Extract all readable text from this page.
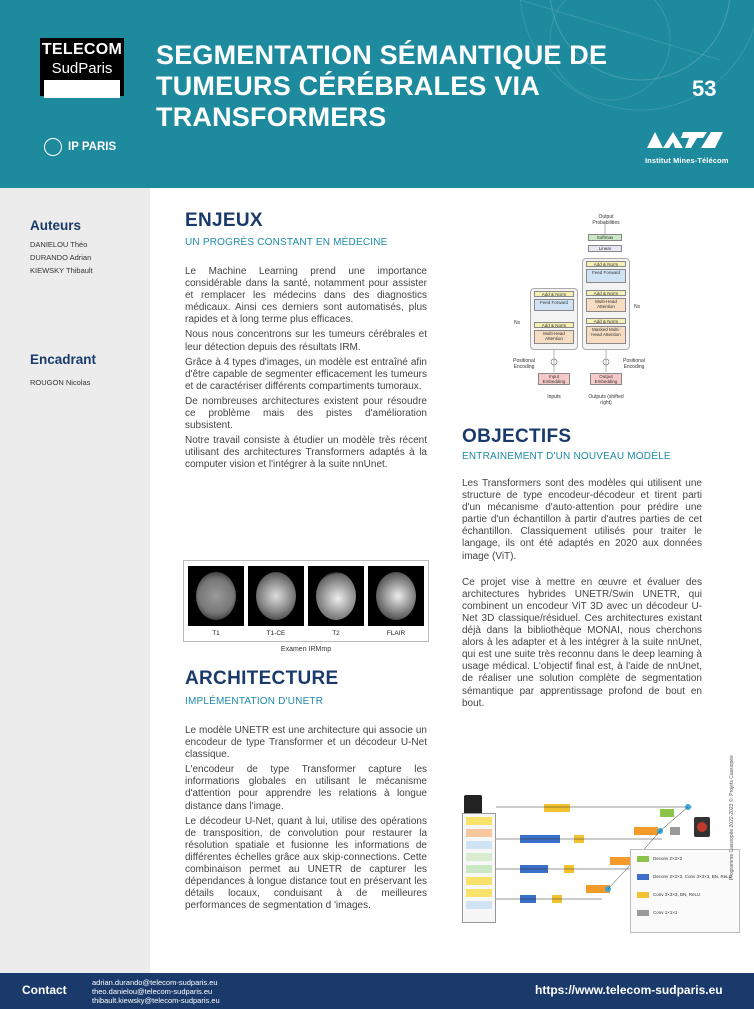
TELECOM
SudParis
IP PARIS
SEGMENTATION SÉMANTIQUE DE TUMEURS CÉRÉBRALES VIA TRANSFORMERS
53
Institut Mines-Télécom
Auteurs
DANIELOU Théo
DURANDO Adrian
KIEWSKY Thibault
Encadrant
ROUGON Nicolas
ENJEUX
UN PROGRÈS CONSTANT EN MÉDECINE

Le Machine Learning prend une importance considérable dans la santé, notamment pour assister et remplacer les médecins dans des diagnostics médicaux. Ainsi ces derniers sont automatisés, plus rapides et à long terme plus efficaces.

Nous nous concentrons sur les tumeurs cérébrales et leur détection depuis des résultats IRM.

Grâce à 4 types d'images, un modèle est entraîné afin d'être capable de segmenter efficacement les tumeurs et de caractériser différents compartiments tumoraux.

De nombreuses architectures existent pour résoudre ce problème mais des pistes d'amélioration subsistent.

Notre travail consiste à étudier un modèle très récent utilisant des architectures Transformers adaptés à la computer vision et l'intégrer à la suite nnUnet.

T1	T1-CE	T2	FLAIR
Examen IRMmp
ARCHITECTURE
IMPLÉMENTATION D'UNETR

Le modèle UNETR est une architecture qui associe un encodeur de type Transformer et un décodeur U-Net classique.

L'encodeur de type Transformer capture les informations globales en utilisant le mécanisme d'attention pour apprendre les relations à longue distance dans l'image.

Le décodeur U-Net, quant à lui, utilise des opérations de transposition, de convolution pour restaurer la résolution spatiale et fusionne les informations de différentes échelles grâce aux skip-connections. Cette combinaison permet au UNETR de capturer les dépendances à longue distance tout en préservant les détails locaux, conduisant à de meilleures performances de segmentation d 'images.

Output Probabilities
Softmax
Linear
Add & Norm
Feed Forward
Add & Norm
Multi-Head Attention
Add & Norm
Masked Multi-Head Attention
Add & Norm
Feed Forward
Add & Norm
Multi-Head Attention
Nx
Nx
Positional Encoding
Positional Encoding
Input Embedding
Output Embedding
Inputs	Outputs (shifted right)
OBJECTIFS
ENTRAINEMENT D'UN NOUVEAU MODÈLE

Les Transformers sont des modèles qui utilisent une structure de type encodeur-décodeur et tirent parti d'un mécanisme d'auto-attention pour prédire une partie d'un échantillon à partir d'autres parties de cet échantillon. Classiquement utilisés pour traiter le langage, ils ont été adaptés en 2020 aux données image (ViT).

Ce projet vise à mettre en œuvre et évaluer des architectures hybrides UNETR/Swin UNETR, qui combinent un encodeur ViT 3D avec un décodeur U-Net 3D classique/résiduel. Ces architectures existant déjà dans la bibliothèque MONAI, nous cherchons alors à les adapter et à les intégrer à la suite nnUnet, qui est une suite très reconnu dans le deep learning à usage médical. L'objectif final est, à l'aide de nnUnet, de réaliser une solution complète de segmentation sémantique par apprentissage profond de bout en bout.

Deconv 2×2×2
Deconv 2×2×2, Conv 3×3×3, BN, ReLU
Conv 3×3×3, BN, ReLU
Conv 1×1×1
Programme Cassiopée 2022-2023 ©: Projets Cassiopée
Contact
adrian.durando@telecom-sudparis.eu
theo.danielou@telecom-sudparis.eu
thibault.kiewsky@telecom-sudparis.eu
https://www.telecom-sudparis.eu
